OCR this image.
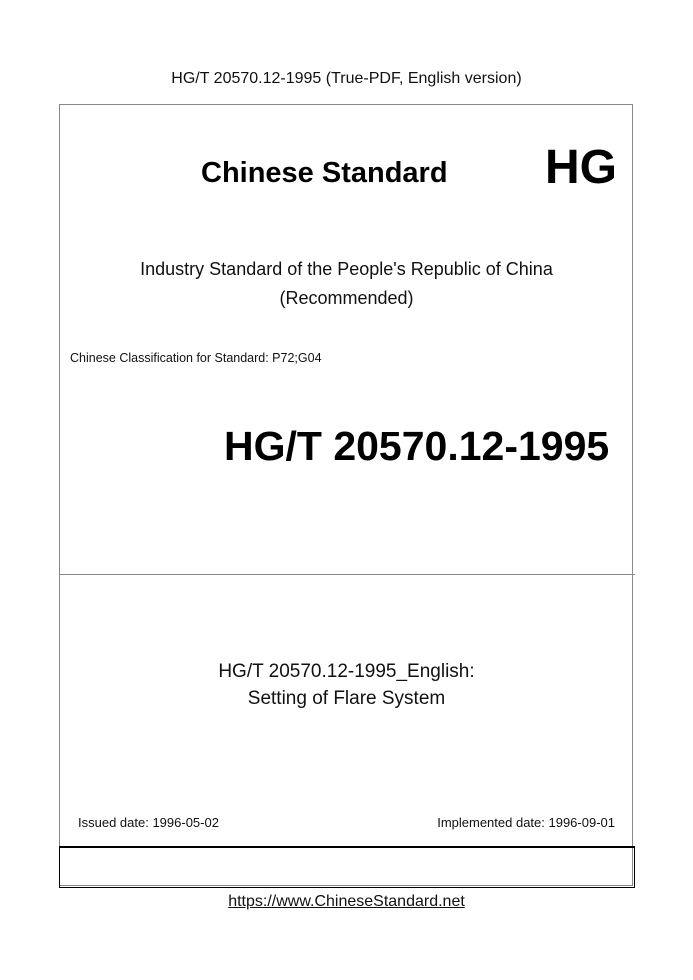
HG/T 20570.12-1995 (True-PDF, English version)
Chinese Standard HG
Industry Standard of the People's Republic of China
(Recommended)
Chinese Classification for Standard: P72;G04
HG/T 20570.12-1995
HG/T 20570.12-1995_English:
Setting of Flare System
Issued date: 1996-05-02	Implemented date: 1996-09-01
https://www.ChineseStandard.net
